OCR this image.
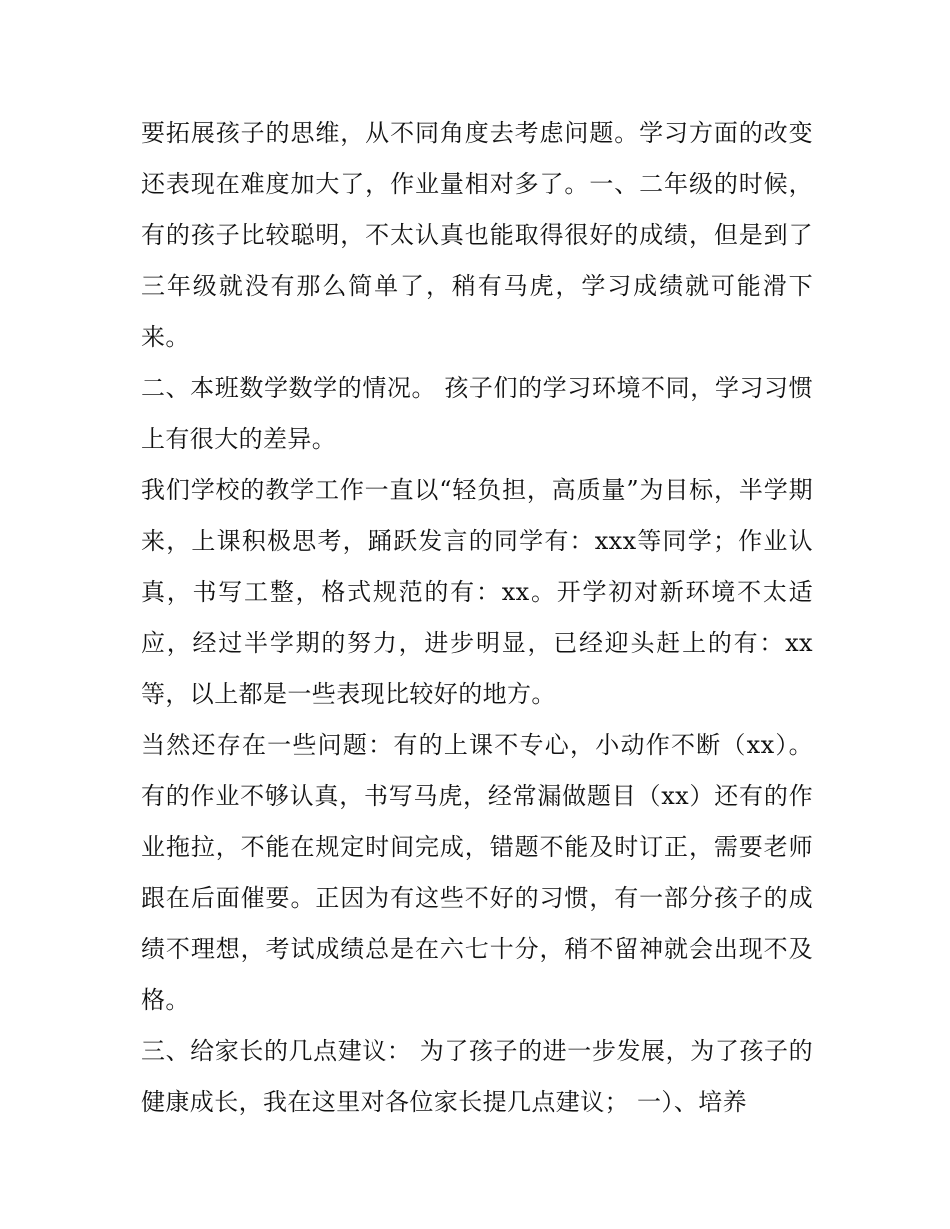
要拓展孩子的思维，从不同角度去考虑问题。学习方面的改变还表现在难度加大了，作业量相对多了。一、二年级的时候，有的孩子比较聪明，不太认真也能取得很好的成绩，但是到了三年级就没有那么简单了，稍有马虎，学习成绩就可能滑下来。

二、本班数学数学的情况。 孩子们的学习环境不同，学习习惯上有很大的差异。

我们学校的教学工作一直以“轻负担，高质量”为目标，半学期来，上课积极思考，踊跃发言的同学有：xxx等同学；作业认真，书写工整，格式规范的有：xx。开学初对新环境不太适应，经过半学期的努力，进步明显，已经迎头赶上的有：xx等，以上都是一些表现比较好的地方。

当然还存在一些问题：有的上课不专心，小动作不断（xx）。有的作业不够认真，书写马虎，经常漏做题目（xx）还有的作业拖拉，不能在规定时间完成，错题不能及时订正，需要老师跟在后面催要。正因为有这些不好的习惯，有一部分孩子的成绩不理想，考试成绩总是在六七十分，稍不留神就会出现不及格。

三、给家长的几点建议： 为了孩子的进一步发展，为了孩子的健康成长，我在这里对各位家长提几点建议； 一）、培养
